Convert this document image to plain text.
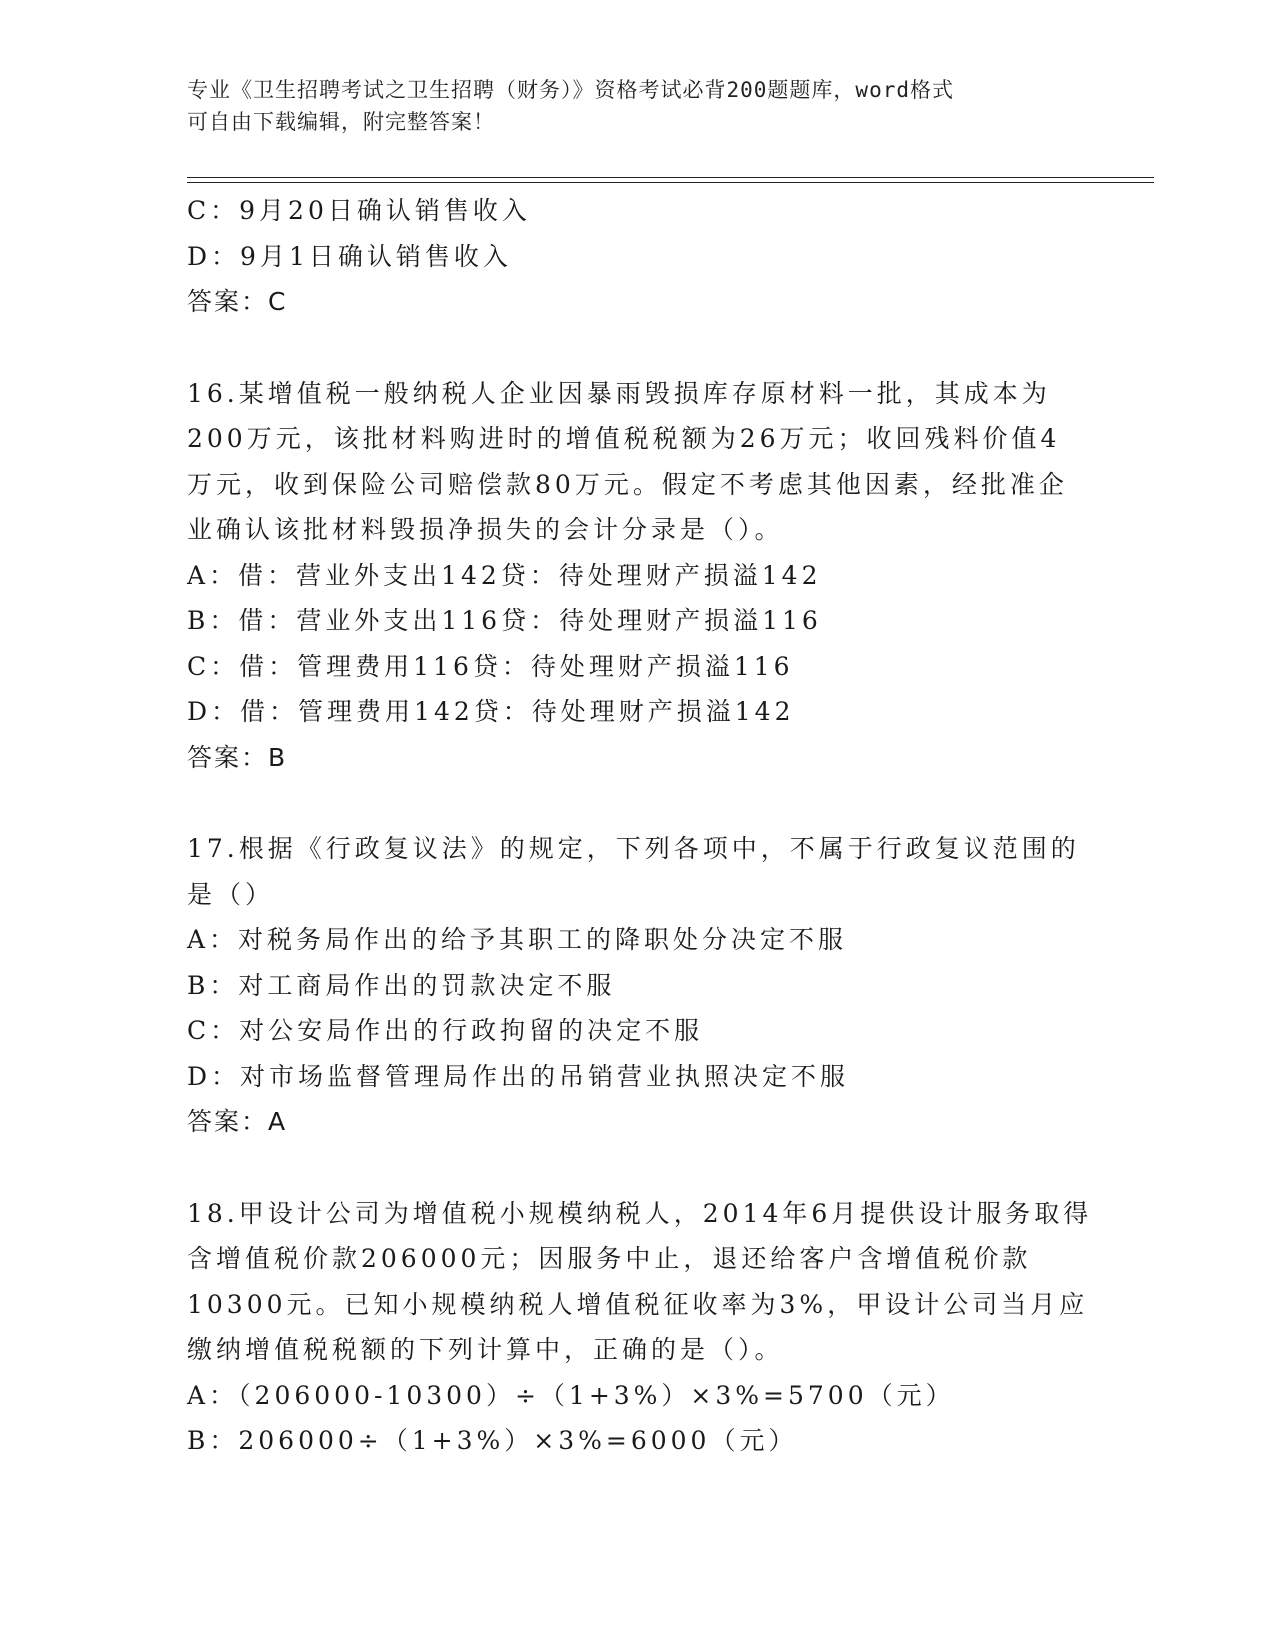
专业《卫生招聘考试之卫生招聘（财务）》资格考试必背200题题库，word格式
可自由下载编辑，附完整答案！
C：9月20日确认销售收入
D：9月1日确认销售收入
答案：C
16.某增值税一般纳税人企业因暴雨毁损库存原材料一批，其成本为
200万元，该批材料购进时的增值税税额为26万元；收回残料价值4
万元，收到保险公司赔偿款80万元。假定不考虑其他因素，经批准企
业确认该批材料毁损净损失的会计分录是（）。
A：借：营业外支出142贷：待处理财产损溢142
B：借：营业外支出116贷：待处理财产损溢116
C：借：管理费用116贷：待处理财产损溢116
D：借：管理费用142贷：待处理财产损溢142
答案：B
17.根据《行政复议法》的规定，下列各项中，不属于行政复议范围的
是（）
A：对税务局作出的给予其职工的降职处分决定不服
B：对工商局作出的罚款决定不服
C：对公安局作出的行政拘留的决定不服
D：对市场监督管理局作出的吊销营业执照决定不服
答案：A
18.甲设计公司为增值税小规模纳税人，2014年6月提供设计服务取得
含增值税价款206000元；因服务中止，退还给客户含增值税价款
10300元。已知小规模纳税人增值税征收率为3%，甲设计公司当月应
缴纳增值税税额的下列计算中，正确的是（）。
A：（206000-10300）÷（1+3%）×3%=5700（元）
B：206000÷（1+3%）×3%=6000（元）
